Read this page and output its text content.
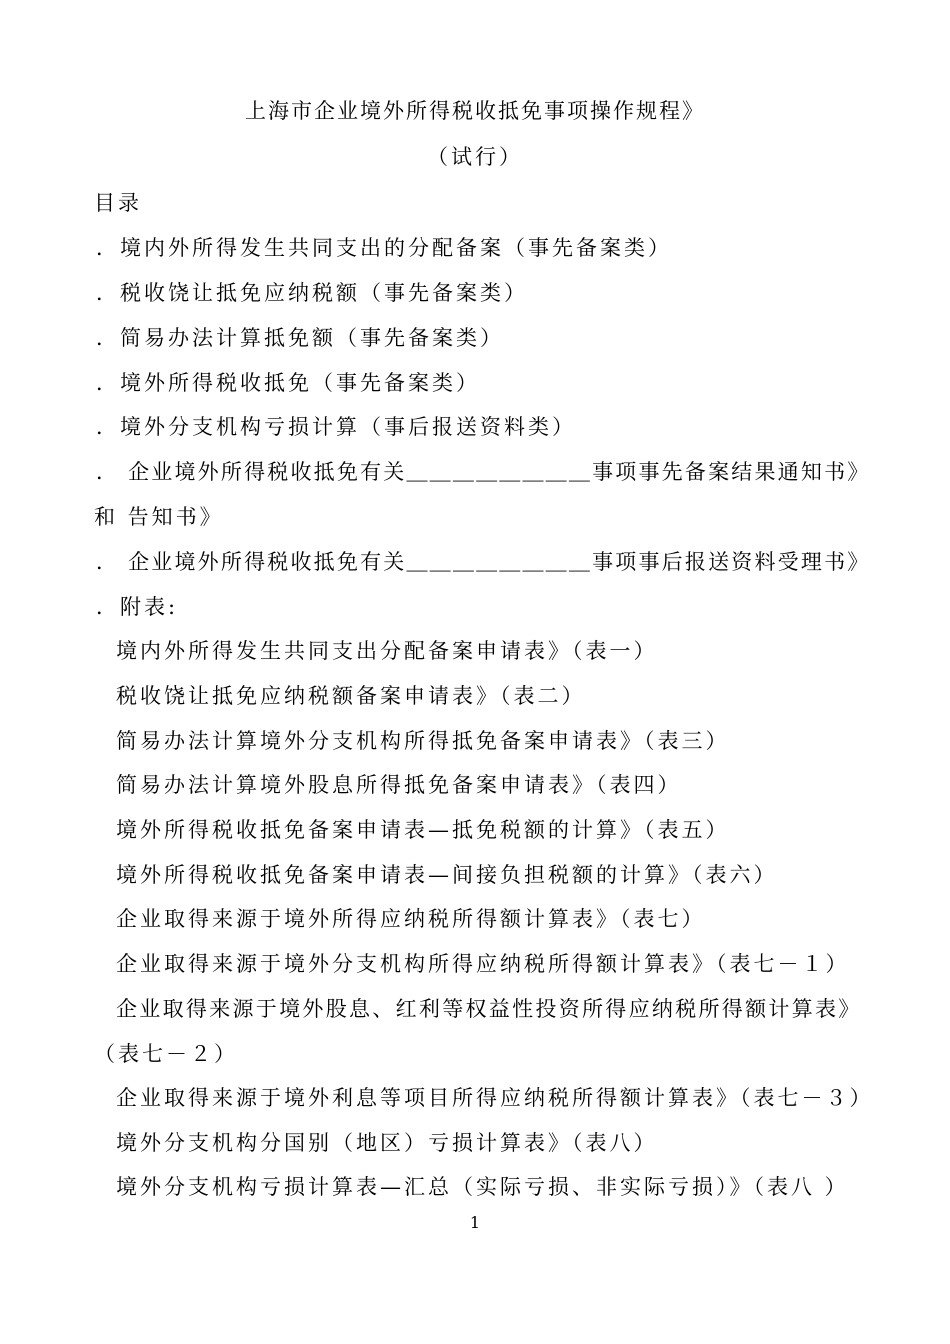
上海市企业境外所得税收抵免事项操作规程》
（试行）
目录
．境内外所得发生共同支出的分配备案（事先备案类）
．税收饶让抵免应纳税额（事先备案类）
．简易办法计算抵免额（事先备案类）
．境外所得税收抵免（事先备案类）
．境外分支机构亏损计算（事后报送资料类）
． 企业境外所得税收抵免有关＿＿＿＿＿＿＿＿事项事先备案结果通知书》
和 告知书》
． 企业境外所得税收抵免有关＿＿＿＿＿＿＿＿事项事后报送资料受理书》
．附表:
境内外所得发生共同支出分配备案申请表》（表一）
税收饶让抵免应纳税额备案申请表》（表二）
简易办法计算境外分支机构所得抵免备案申请表》（表三）
简易办法计算境外股息所得抵免备案申请表》（表四）
境外所得税收抵免备案申请表—抵免税额的计算》（表五）
境外所得税收抵免备案申请表—间接负担税额的计算》（表六）
企业取得来源于境外所得应纳税所得额计算表》（表七）
企业取得来源于境外分支机构所得应纳税所得额计算表》（表七－１）
企业取得来源于境外股息、红利等权益性投资所得应纳税所得额计算表》
（表七－２）
企业取得来源于境外利息等项目所得应纳税所得额计算表》（表七－３）
境外分支机构分国别（地区）亏损计算表》（表八）
境外分支机构亏损计算表—汇总（实际亏损、非实际亏损）》（表八 ）
1
